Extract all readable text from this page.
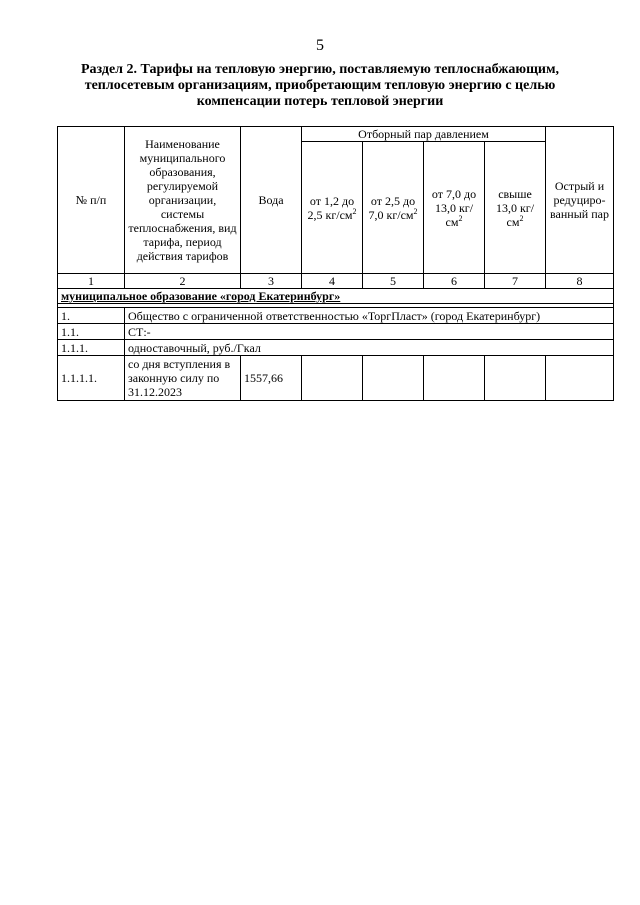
5
Раздел 2. Тарифы на тепловую энергию, поставляемую теплоснабжающим,
теплосетевым организациям, приобретающим тепловую энергию с целью
компенсации потерь тепловой энергии
№ п/п	Наименование муниципального образования, регулируемой организации, системы теплоснабжения, вид тарифа, период действия тарифов	Вода	Отборный пар давлением				Острый и редуциро-ванный пар
			от 1,2 до 2,5 $кг/см^2$	от 2,5 до 7,0 $кг/см^2$	от 7,0 до 13,0 $кг/см^2$	свыше 13,0 $кг/см^2$
1	2	3	4	5	6	7	8
муниципальное образование «город Екатеринбург»							

1.	Общество с ограниченной ответственностью «ТоргПласт» (город Екатеринбург)						
1.1.	СТ:-						
1.1.1.	одноставочный, руб./Гкал						
1.1.1.1.	со дня вступления в законную силу по 31.12.2023	1557,66					
